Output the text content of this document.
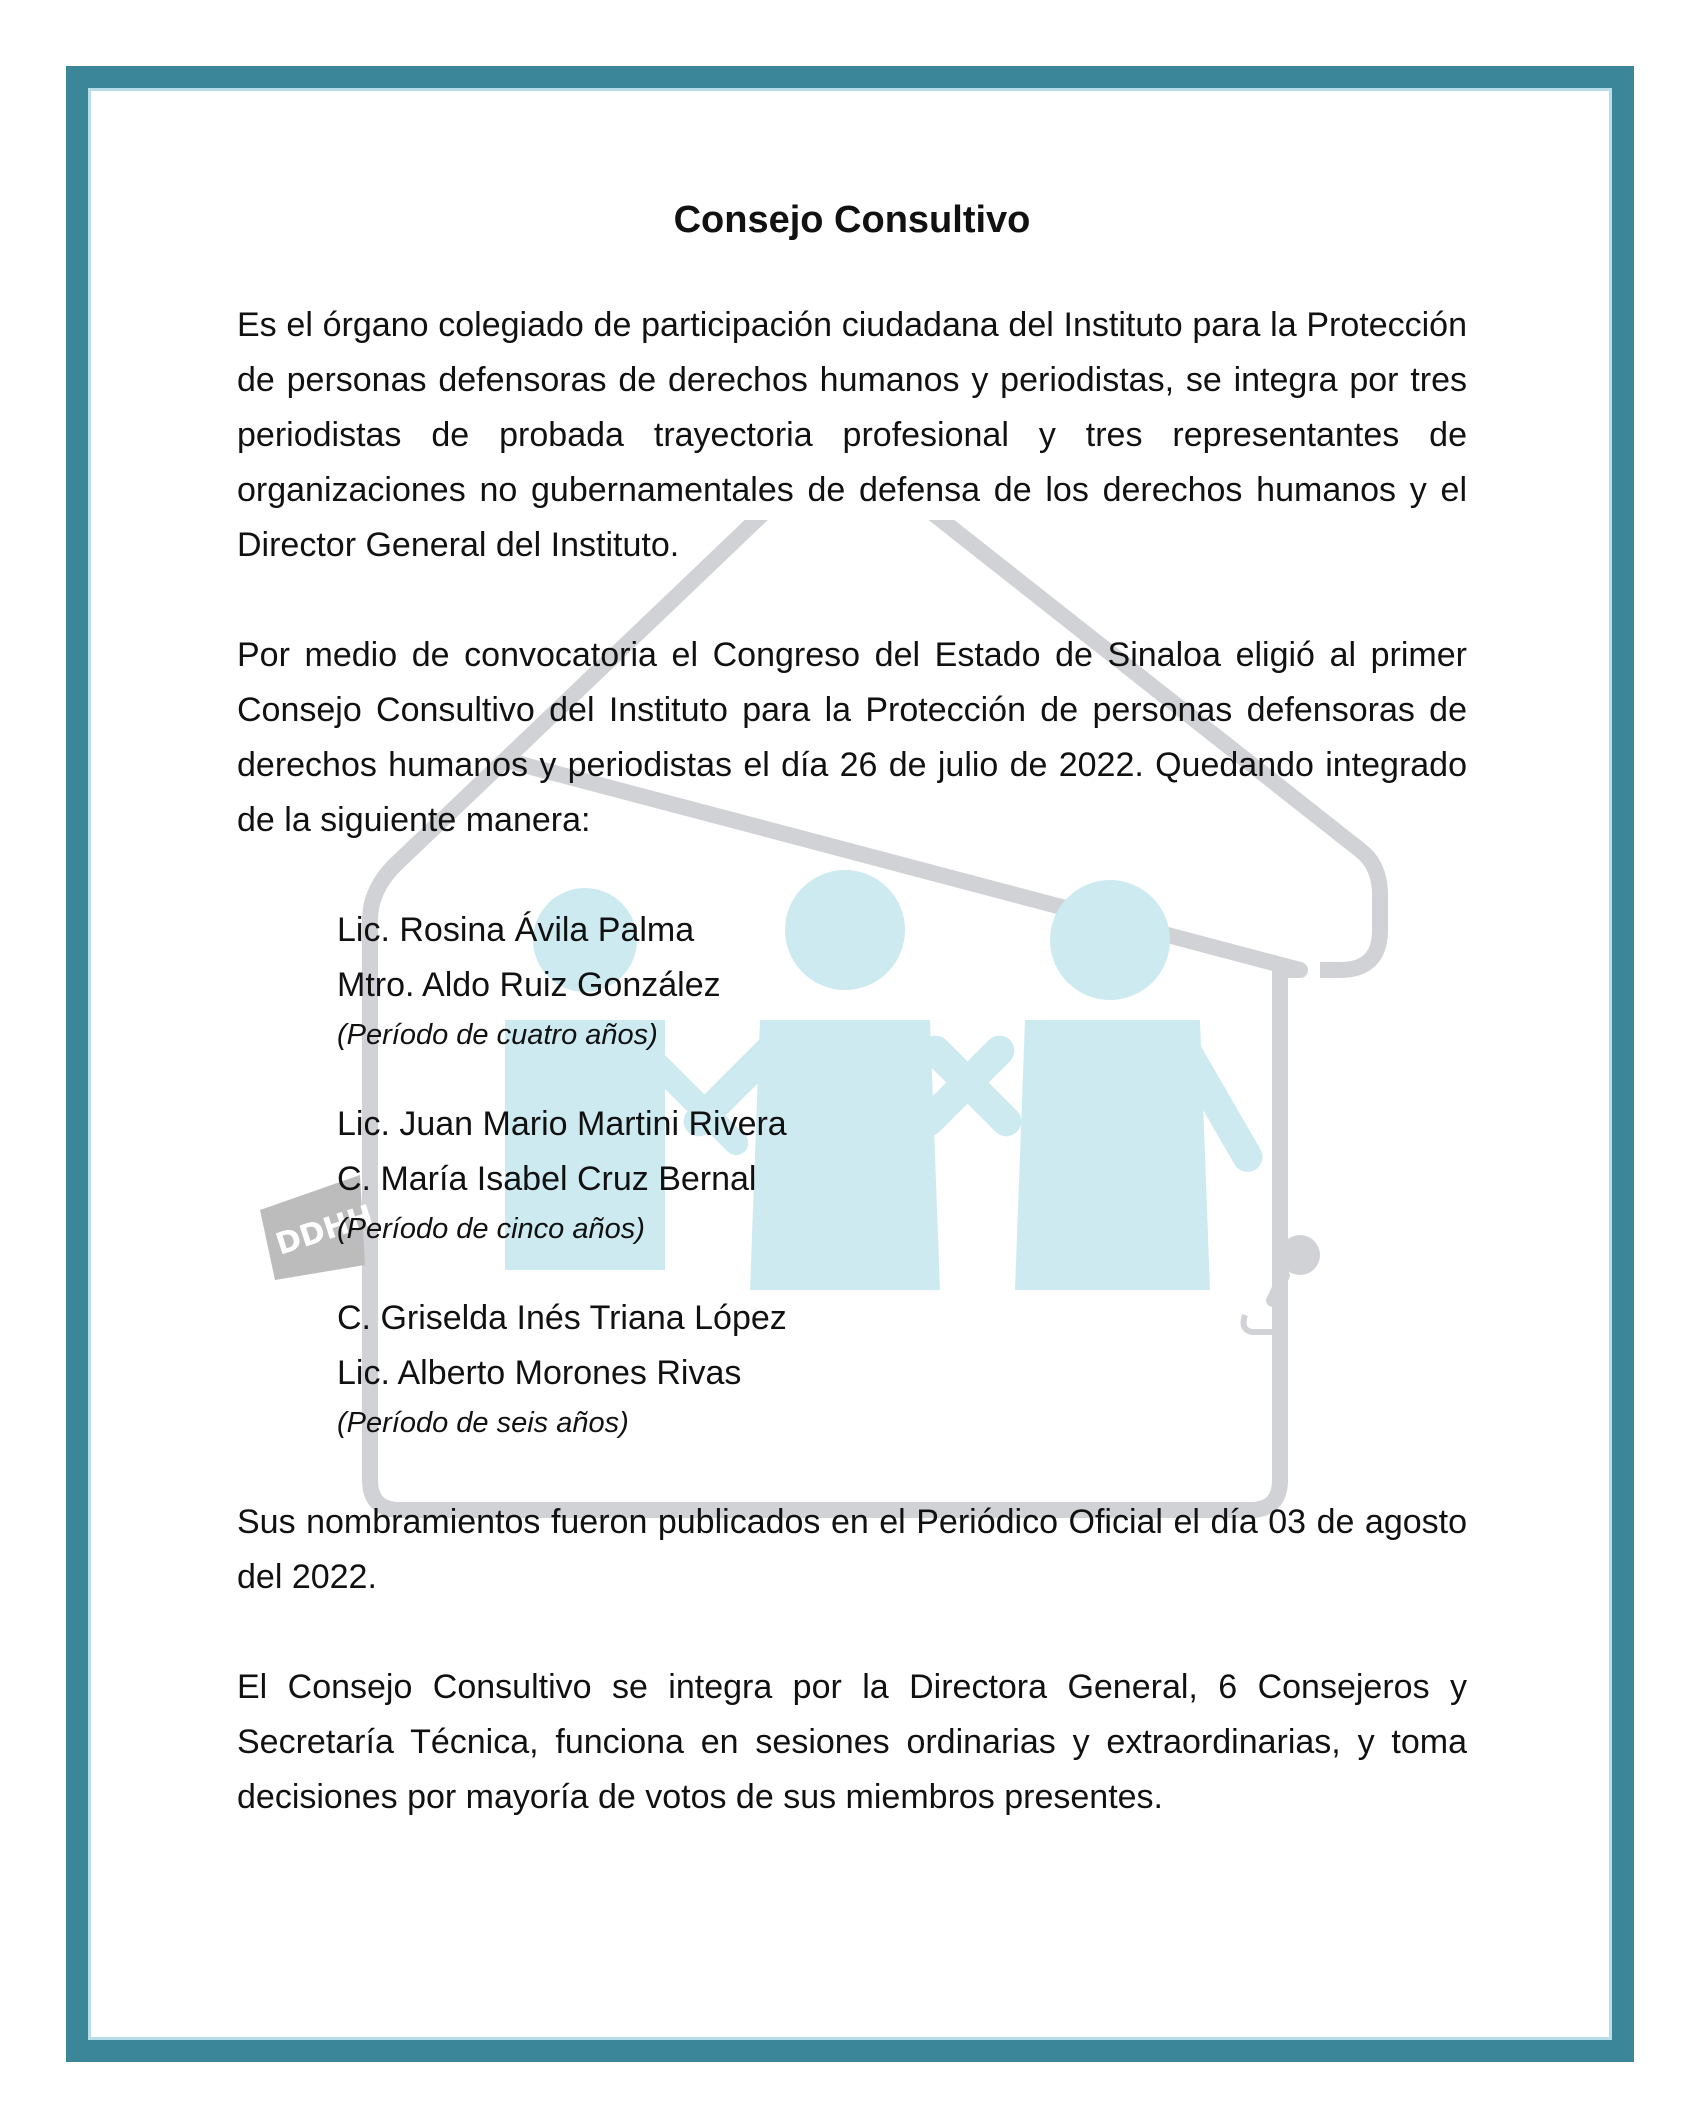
DDHH
Consejo Consultivo

Es el órgano colegiado de participación ciudadana del Instituto para la Protección de personas defensoras de derechos humanos y periodistas, se integra por tres periodistas de probada trayectoria profesional y tres representantes de organizaciones no gubernamentales de defensa de los derechos humanos y el Director General del Instituto.

Por medio de convocatoria el Congreso del Estado de Sinaloa eligió al primer Consejo Consultivo del Instituto para la Protección de personas defensoras de derechos humanos y periodistas el día 26 de julio de 2022. Quedando integrado de la siguiente manera:

Lic. Rosina Ávila Palma
Mtro. Aldo Ruiz González
(Período de cuatro años)
Lic. Juan Mario Martini Rivera
C. María Isabel Cruz Bernal
(Período de cinco años)
C. Griselda Inés Triana López
Lic. Alberto Morones Rivas
(Período de seis años)

Sus nombramientos fueron publicados en el Periódico Oficial el día 03 de agosto del 2022.

El Consejo Consultivo se integra por la Directora General, 6 Consejeros y Secretaría Técnica, funciona en sesiones ordinarias y extraordinarias, y toma decisiones por mayoría de votos de sus miembros presentes.
